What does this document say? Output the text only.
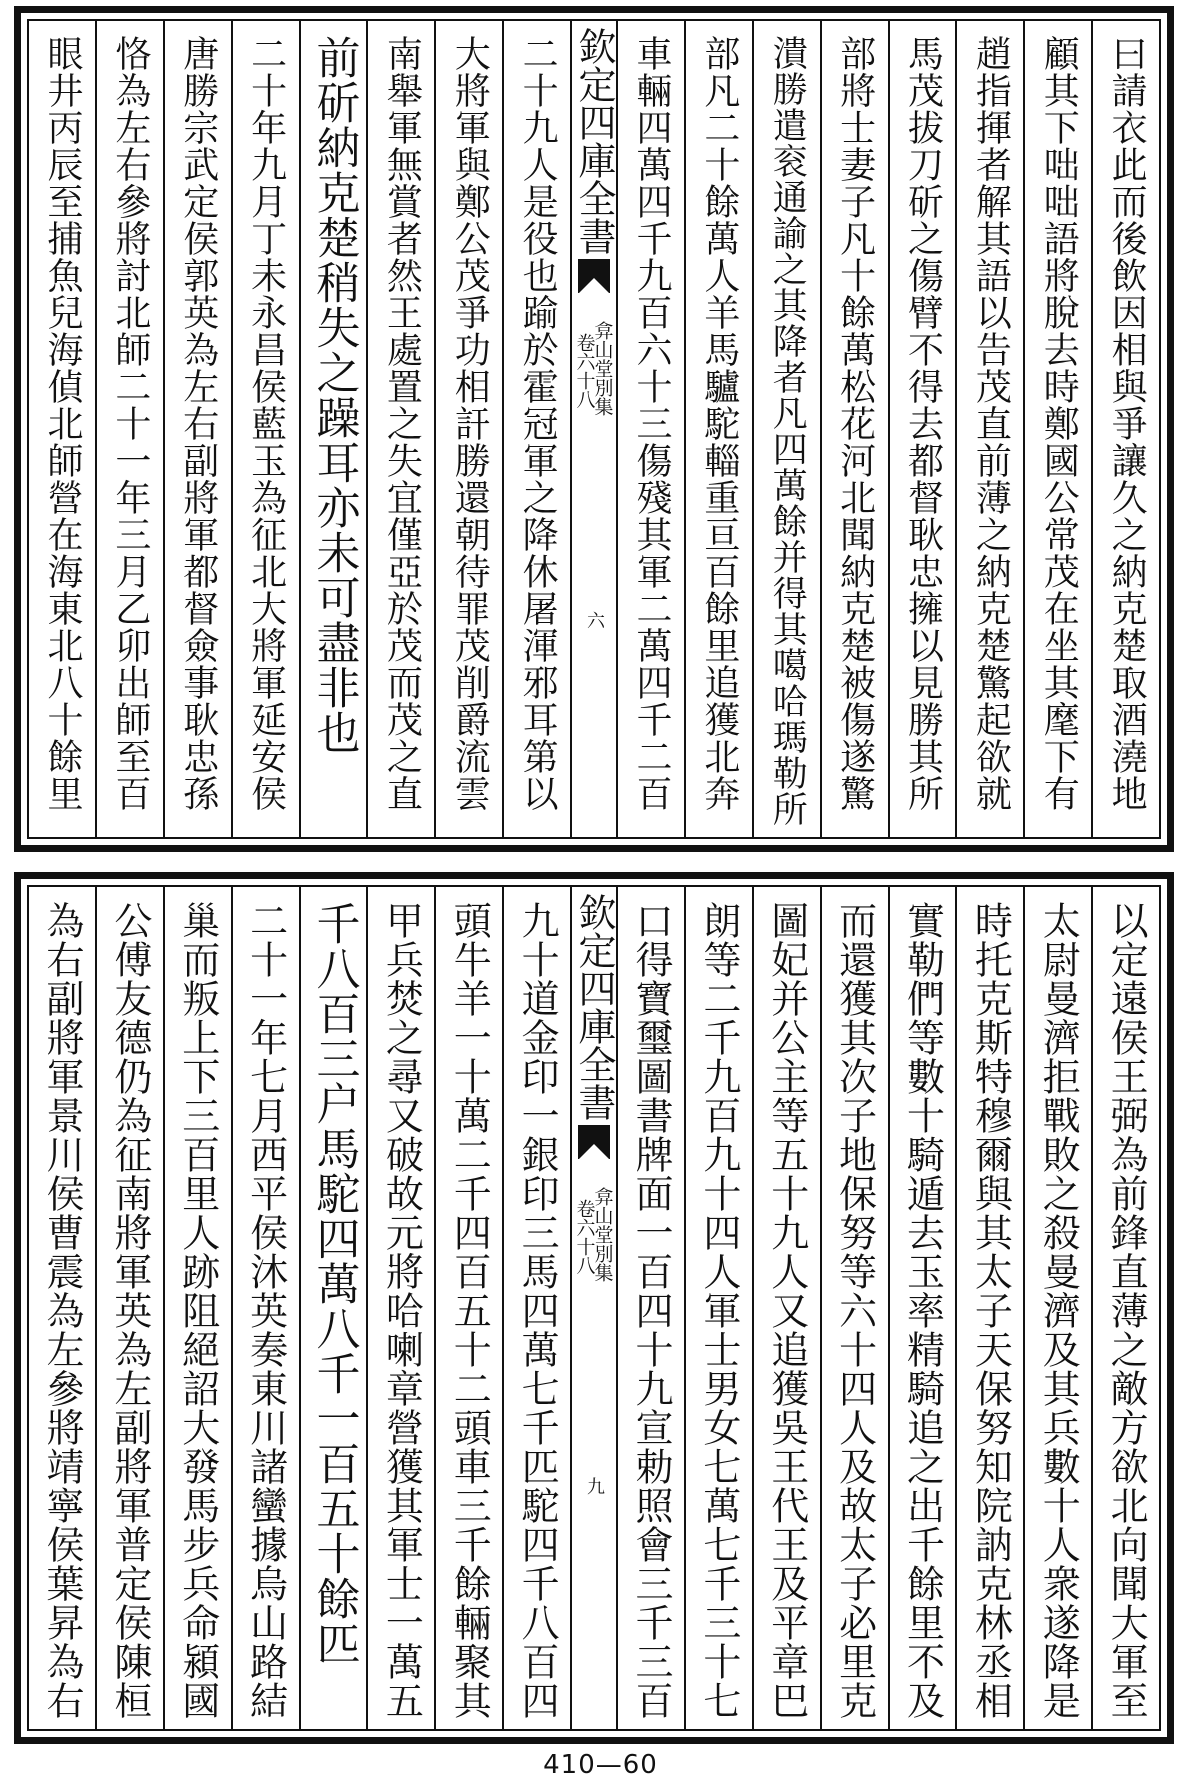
曰請衣此而後飲因相與爭讓久之納克楚取酒澆地
顧其下咄咄語將脫去時鄭國公常茂在坐其麾下有
趙指揮者解其語以告茂直前薄之納克楚驚起欲就
馬茂拔刀斫之傷臂不得去都督耿忠擁以見勝其所
部將士妻子凡十餘萬松花河北聞納克楚被傷遂驚
潰勝遣衮通諭之其降者凡四萬餘并得其噶哈瑪勒所
部凡二十餘萬人羊馬驢駝輜重亘百餘里追獲北奔
車輛四萬四千九百六十三傷殘其軍二萬四千二百
欽定四庫全書
弇山堂別集
卷六十八
六
二十九人是役也踰於霍冠軍之降休屠渾邪耳第以
大將軍與鄭公茂爭功相訐勝還朝待罪茂削爵流雲
南舉軍無賞者然王處置之失宜僅亞於茂而茂之直
前斫納克楚稍失之躁耳亦未可盡非也
二十年九月丁未永昌侯藍玉為征北大將軍延安侯
唐勝宗武定侯郭英為左右副將軍都督僉事耿忠孫
恪為左右參將討北師二十一年三月乙卯出師至百
眼井丙辰至捕魚兒海偵北師營在海東北八十餘里
以定遠侯王弼為前鋒直薄之敵方欲北向聞大軍至
太尉曼濟拒戰敗之殺曼濟及其兵數十人衆遂降是
時托克斯特穆爾與其太子天保努知院訥克林丞相
實勒們等數十騎遁去玉率精騎追之出千餘里不及
而還獲其次子地保努等六十四人及故太子必里克
圖妃并公主等五十九人又追獲吳王代王及平章巴
朗等二千九百九十四人軍士男女七萬七千三十七
口得寶璽圖書牌面一百四十九宣勅照會三千三百
欽定四庫全書
弇山堂別集
卷六十八
九
九十道金印一銀印三馬四萬七千匹駝四千八百四
頭牛羊一十萬二千四百五十二頭車三千餘輛聚其
甲兵焚之尋又破故元將哈喇章營獲其軍士一萬五
千八百三户馬駝四萬八千一百五十餘匹
二十一年七月西平侯沐英奏東川諸蠻據烏山路結
巢而叛上下三百里人跡阻絕詔大發馬步兵命潁國
公傅友德仍為征南將軍英為左副將軍普定侯陳桓
為右副將軍景川侯曹震為左參將靖寧侯葉昇為右
410—60
